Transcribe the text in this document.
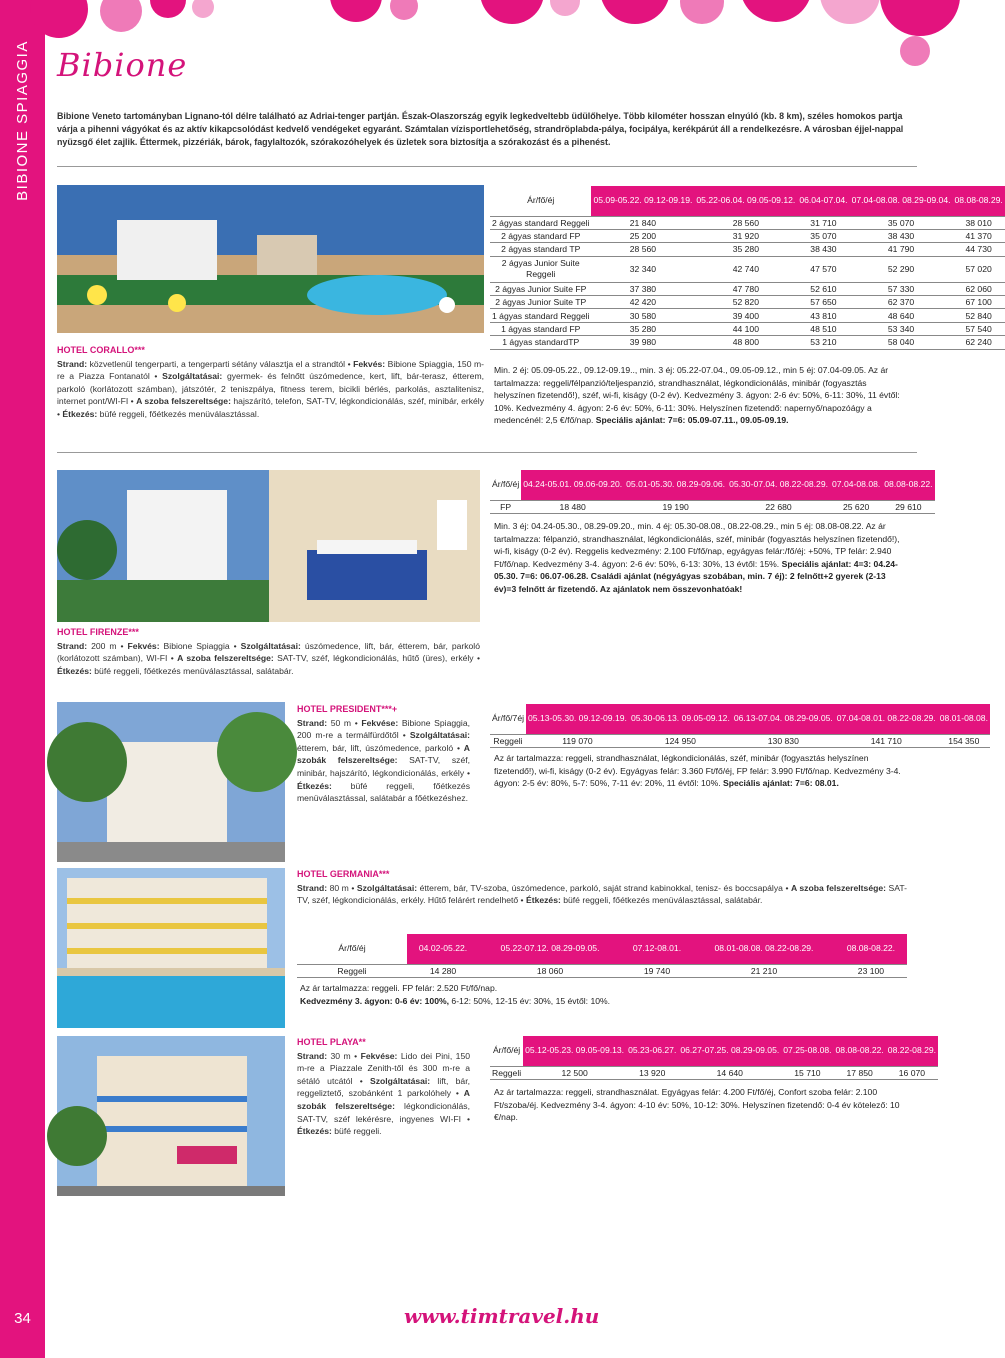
BIBIONE SPIAGGIA
34
Bibione
Bibione Veneto tartományban Lignano-tól délre található az Adriai-tenger partján. Észak-Olaszország egyik legkedveltebb üdülőhelye. Több kilométer hosszan elnyúló (kb. 8 km), széles homokos partja várja a pihenni vágyókat és az aktív kikapcsolódást kedvelő vendégeket egyaránt. Számtalan vízisportlehetőség, strandröplabda-pálya, focipálya, kerékpárút áll a rendelkezésre. A városban éjjel-nappal nyüzsgő élet zajlik. Éttermek, pizzériák, bárok, fagylaltozók, szórakozóhelyek és üzletek sora biztosítja a szórakozást és a pihenést.
HOTEL CORALLO***
Strand: közvetlenül tengerparti, a tengerparti sétány választja el a strandtól • Fekvés: Bibione Spiaggia, 150 m-re a Piazza Fontanatól • Szolgáltatásai: gyermek- és felnőtt úszómedence, kert, lift, bár-terasz, étterem, parkoló (korlátozott számban), játszótér, 2 teniszpálya, fitness terem, bicikli bérlés, parkolás, asztalitenisz, internet pont/WI-FI • A szoba felszereltsége: hajszárító, telefon, SAT-TV, légkondicionálás, széf, minibár, erkély • Étkezés: büfé reggeli, főétkezés menüválasztással.
Ár/fő/éj	05.09-05.22. 09.12-09.19.	05.22-06.04. 09.05-09.12.	06.04-07.04.	07.04-08.08. 08.29-09.04.	08.08-08.29.
2 ágyas standard Reggeli	21 840	28 560	31 710	35 070	38 010
2 ágyas standard FP	25 200	31 920	35 070	38 430	41 370
2 ágyas standard TP	28 560	35 280	38 430	41 790	44 730
2 ágyas Junior Suite Reggeli	32 340	42 740	47 570	52 290	57 020
2 ágyas Junior Suite FP	37 380	47 780	52 610	57 330	62 060
2 ágyas Junior Suite TP	42 420	52 820	57 650	62 370	67 100
1 ágyas standard Reggeli	30 580	39 400	43 810	48 640	52 840
1 ágyas standard FP	35 280	44 100	48 510	53 340	57 540
1 ágyas standardTP	39 980	48 800	53 210	58 040	62 240
Min. 2 éj: 05.09-05.22., 09.12-09.19.., min. 3 éj: 05.22-07.04., 09.05-09.12., min 5 éj: 07.04-09.05. Az ár tartalmazza: reggeli/félpanzió/teljespanzió, strandhasználat, légkondicionálás, minibár (fogyasztás helyszínen fizetendő!), széf, wi-fi, kiságy (0-2 év). Kedvezmény 3. ágyon: 2-6 év: 50%, 6-11: 30%, 11 évtől: 10%. Kedvezmény 4. ágyon: 2-6 év: 50%, 6-11: 30%. Helyszínen fizetendő: napernyő/napozóágy a medencénél: 2,5 €/fő/nap. Speciális ajánlat: 7=6: 05.09-07.11., 09.05-09.19.
HOTEL FIRENZE***
Strand: 200 m • Fekvés: Bibione Spiaggia • Szolgáltatásai: úszómedence, lift, bár, étterem, bár, parkoló (korlátozott számban), WI-FI • A szoba felszereltsége: SAT-TV, széf, légkondicionálás, hűtő (üres), erkély • Étkezés: büfé reggeli, főétkezés menüválasztással, salátabár.
Ár/fő/éj	04.24-05.01. 09.06-09.20.	05.01-05.30. 08.29-09.06.	05.30-07.04. 08.22-08.29.	07.04-08.08.	08.08-08.22.
FP	18 480	19 190	22 680	25 620	29 610
Min. 3 éj: 04.24-05.30., 08.29-09.20., min. 4 éj: 05.30-08.08., 08.22-08.29., min 5 éj: 08.08-08.22. Az ár tartalmazza: félpanzió, strandhasználat, légkondicionálás, széf, minibár (fogyasztás helyszínen fizetendő!), wi-fi, kiságy (0-2 év). Reggelis kedvezmény: 2.100 Ft/fő/nap, egyágyas felár:/fő/éj: +50%, TP felár: 2.940 Ft/fő/nap. Kedvezmény 3-4. ágyon: 2-6 év: 50%, 6-13: 30%, 13 évtől: 15%. Speciális ajánlat: 4=3: 04.24-05.30. 7=6: 06.07-06.28. Családi ajánlat (négyágyas szobában, min. 7 éj): 2 felnőtt+2 gyerek (2-13 év)=3 felnőtt ár fizetendő. Az ajánlatok nem összevonhatóak!
HOTEL PRESIDENT***+
Strand: 50 m • Fekvése: Bibione Spiaggia, 200 m-re a termálfürdőtől • Szolgáltatásai: étterem, bár, lift, úszómedence, parkoló • A szobák felszereltsége: SAT-TV, széf, minibár, hajszárító, légkondicionálás, erkély • Étkezés: büfé reggeli, főétkezés menüválasztással, salátabár a főétkezéshez.
Ár/fő/7éj	05.13-05.30. 09.12-09.19.	05.30-06.13. 09.05-09.12.	06.13-07.04. 08.29-09.05.	07.04-08.01. 08.22-08.29.	08.01-08.08.
Reggeli	119 070	124 950	130 830	141 710	154 350
Az ár tartalmazza: reggeli, strandhasználat, légkondicionálás, széf, minibár (fogyasztás helyszínen fizetendő!), wi-fi, kiságy (0-2 év). Egyágyas felár: 3.360 Ft/fő/éj, FP felár: 3.990 Ft/fő/nap. Kedvezmény 3-4. ágyon: 2-5 év: 80%, 5-7: 50%, 7-11 év: 20%, 11 évtől: 10%. Speciális ajánlat: 7=6: 08.01.
HOTEL GERMANIA***
Strand: 80 m • Szolgáltatásai: étterem, bár, TV-szoba, úszómedence, parkoló, saját strand kabinokkal, tenisz- és boccsapálya • A szoba felszereltsége: SAT-TV, széf, légkondicionálás, erkély. Hűtő felárért rendelhető • Étkezés: büfé reggeli, főétkezés menüválasztással, salátabár.
Ár/fő/éj	04.02-05.22.	05.22-07.12. 08.29-09.05.	07.12-08.01.	08.01-08.08. 08.22-08.29.	08.08-08.22.
Reggeli	14 280	18 060	19 740	21 210	23 100
Az ár tartalmazza: reggeli. FP felár: 2.520 Ft/fő/nap.
Kedvezmény 3. ágyon: 0-6 év: 100%, 6-12: 50%, 12-15 év: 30%, 15 évtől: 10%.
HOTEL PLAYA**
Strand: 30 m • Fekvése: Lido dei Pini, 150 m-re a Piazzale Zenith-től és 300 m-re a sétáló utcától • Szolgáltatásai: lift, bár, reggeliztető, szobánként 1 parkolóhely • A szobák felszereltsége: légkondicionálás, SAT-TV, széf lekérésre, ingyenes WI-FI • Étkezés: büfé reggeli.
Ár/fő/éj	05.12-05.23. 09.05-09.13.	05.23-06.27.	06.27-07.25. 08.29-09.05.	07.25-08.08.	08.08-08.22.	08.22-08.29.
Reggeli	12 500	13 920	14 640	15 710	17 850	16 070
Az ár tartalmazza: reggeli, strandhasználat. Egyágyas felár: 4.200 Ft/fő/éj, Confort szoba felár: 2.100 Ft/szoba/éj. Kedvezmény 3-4. ágyon: 4-10 év: 50%, 10-12: 30%. Helyszínen fizetendő: 0-4 év kötelező: 10 €/nap.
www.timtravel.hu
